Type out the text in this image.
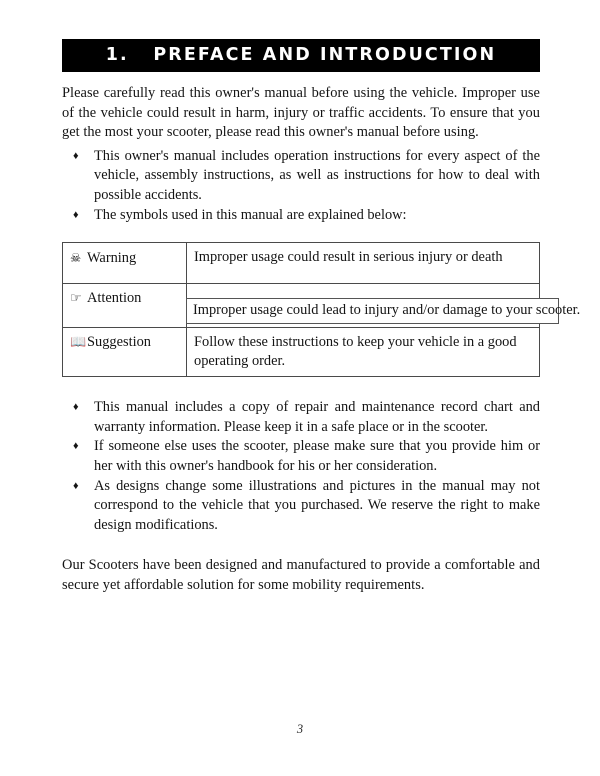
1.   PREFACE AND INTRODUCTION

Please carefully read this owner's manual before using the vehicle. Improper use of the vehicle could result in harm, injury or traffic accidents. To ensure that you get the most your scooter, please read this owner's manual before using.

♦ This owner's manual includes operation instructions for every aspect of the vehicle, assembly instructions, as well as instructions for how to deal with possible accidents.
♦ The symbols used in this manual are explained below:
☠ Warning	Improper usage could result in serious injury or death
☞ Attention	Improper usage could lead to injury and/or damage to your scooter.

📖Suggestion	Follow these instructions to keep your vehicle in a good operating order.
♦ This manual includes a copy of repair and maintenance record chart and warranty information. Please keep it in a safe place or in the scooter.
♦ If someone else uses the scooter, please make sure that you provide him or her with this owner's handbook for his or her consideration.
♦ As designs change some illustrations and pictures in the manual may not correspond to the vehicle that you purchased. We reserve the right to make design modifications.

Our Scooters have been designed and manufactured to provide a comfortable and secure yet affordable solution for some mobility requirements.

3
